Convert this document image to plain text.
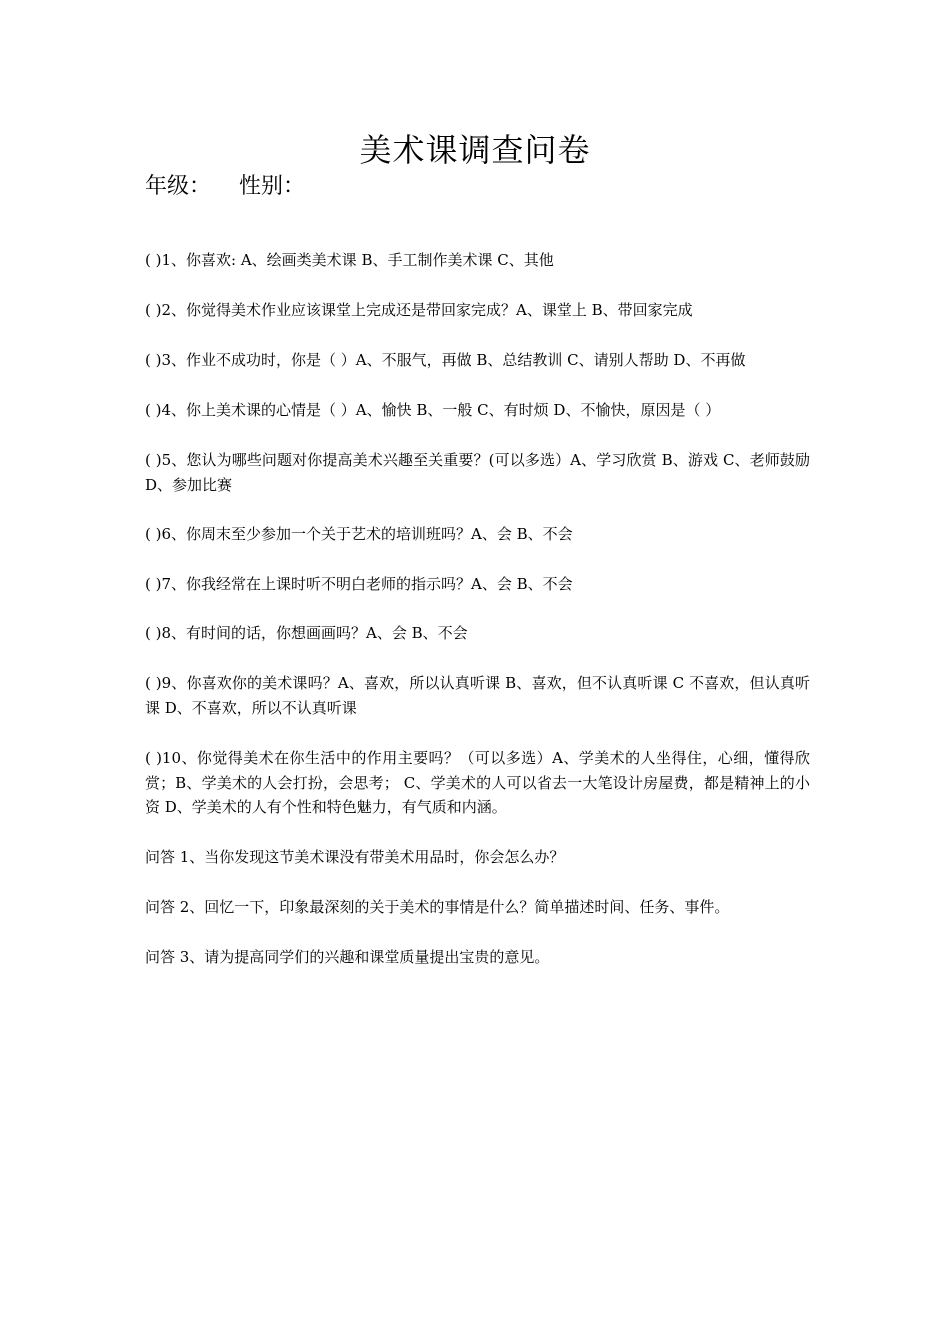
美术课调查问卷
年级：    性别：
( )1、你喜欢: A、绘画类美术课 B、手工制作美术课 C、其他
( )2、你觉得美术作业应该课堂上完成还是带回家完成？A、课堂上 B、带回家完成
( )3、作业不成功时，你是（ ）A、不服气，再做 B、总结教训 C、请别人帮助 D、不再做
( )4、你上美术课的心情是（ ）A、愉快 B、一般 C、有时烦 D、不愉快，原因是（ ）
( )5、您认为哪些问题对你提高美术兴趣至关重要？(可以多选）A、学习欣赏 B、游戏 C、老师鼓励 D、参加比赛
( )6、你周末至少参加一个关于艺术的培训班吗？A、会 B、不会
( )7、你我经常在上课时听不明白老师的指示吗？A、会 B、不会
( )8、有时间的话，你想画画吗？A、会 B、不会
( )9、你喜欢你的美术课吗？A、喜欢，所以认真听课 B、喜欢，但不认真听课 C 不喜欢，但认真听课 D、不喜欢，所以不认真听课
( )10、你觉得美术在你生活中的作用主要吗？（可以多选）A、学美术的人坐得住，心细，懂得欣赏；B、学美术的人会打扮，会思考； C、学美术的人可以省去一大笔设计房屋费，都是精神上的小资 D、学美术的人有个性和特色魅力，有气质和内涵。
问答 1、当你发现这节美术课没有带美术用品时，你会怎么办？
问答 2、回忆一下，印象最深刻的关于美术的事情是什么？简单描述时间、任务、事件。
问答 3、请为提高同学们的兴趣和课堂质量提出宝贵的意见。
